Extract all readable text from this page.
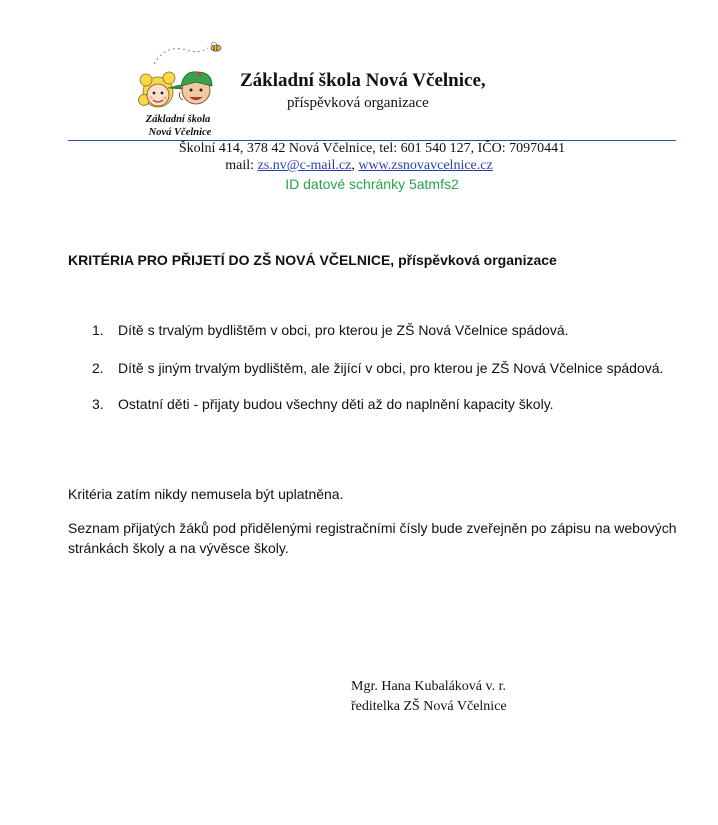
Základní škola
Nová Včelnice
Základní škola Nová Včelnice,
příspěvková organizace
Školní 414, 378 42 Nová Včelnice, tel: 601 540 127, IČO: 70970441
mail: zs.nv@c-mail.cz, www.zsnovavcelnice.cz
ID datové schránky 5atmfs2
KRITÉRIA PRO PŘIJETÍ DO ZŠ NOVÁ VČELNICE, příspěvková organizace
1. Dítě s trvalým bydlištěm v obci, pro kterou je ZŠ Nová Včelnice spádová.
2. Dítě s jiným trvalým bydlištěm, ale žijící v obci, pro kterou je ZŠ Nová Včelnice spádová.
3. Ostatní děti - přijaty budou všechny děti až do naplnění kapacity školy.
Kritéria zatím nikdy nemusela být uplatněna.
Seznam přijatých žáků pod přidělenými registračními čísly bude zveřejněn po zápisu na webových stránkách školy a na vývěsce školy.
Mgr. Hana Kubaláková v. r.
ředitelka ZŠ Nová Včelnice
